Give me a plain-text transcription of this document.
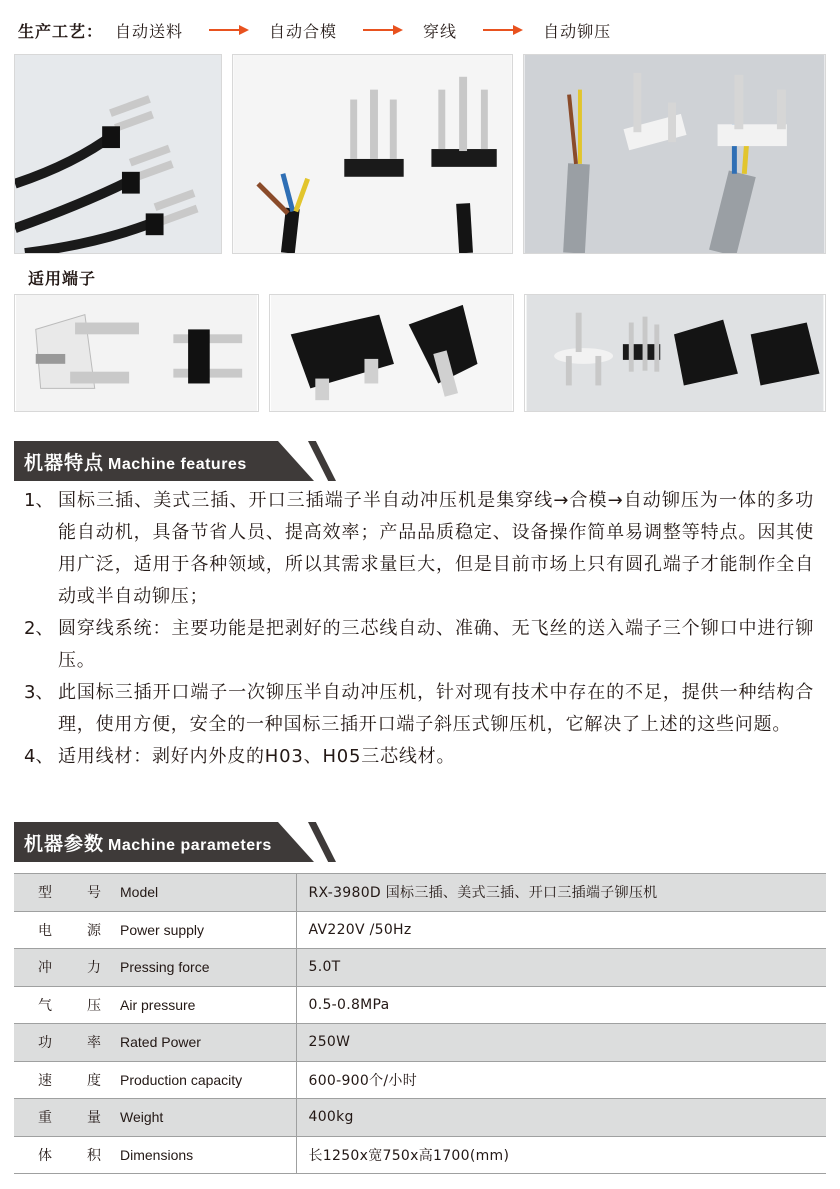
生产工艺： 自动送料	自动合模	穿线	自动铆压
适用端子
机器特点 Machine features
1、 国标三插、美式三插、开口三插端子半自动冲压机是集穿线→合模→自动铆压为一体的多功能自动机，具备节省人员、提高效率；产品品质稳定、设备操作简单易调整等特点。因其使用广泛，适用于各种领域，所以其需求量巨大，但是目前市场上只有圆孔端子才能制作全自动或半自动铆压；
2、 圆穿线系统：主要功能是把剥好的三芯线自动、准确、无飞丝的送入端子三个铆口中进行铆压。
3、 此国标三插开口端子一次铆压半自动冲压机，针对现有技术中存在的不足，提供一种结构合理，使用方便，安全的一种国标三插开口端子斜压式铆压机，它解决了上述的这些问题。
4、 适用线材：剥好内外皮的H03、H05三芯线材。
机器参数 Machine parameters
型 号	Model	RX-3980D 国标三插、美式三插、开口三插端子铆压机

电 源	Power supply	AV220V /50Hz

冲 力	Pressing force	5.0T

气 压	Air pressure	0.5-0.8MPa

功 率	Rated Power	250W

速 度	Production capacity	600-900个/小时

重 量	Weight	400kg

体 积	Dimensions	长1250x宽750x高1700(mm)
